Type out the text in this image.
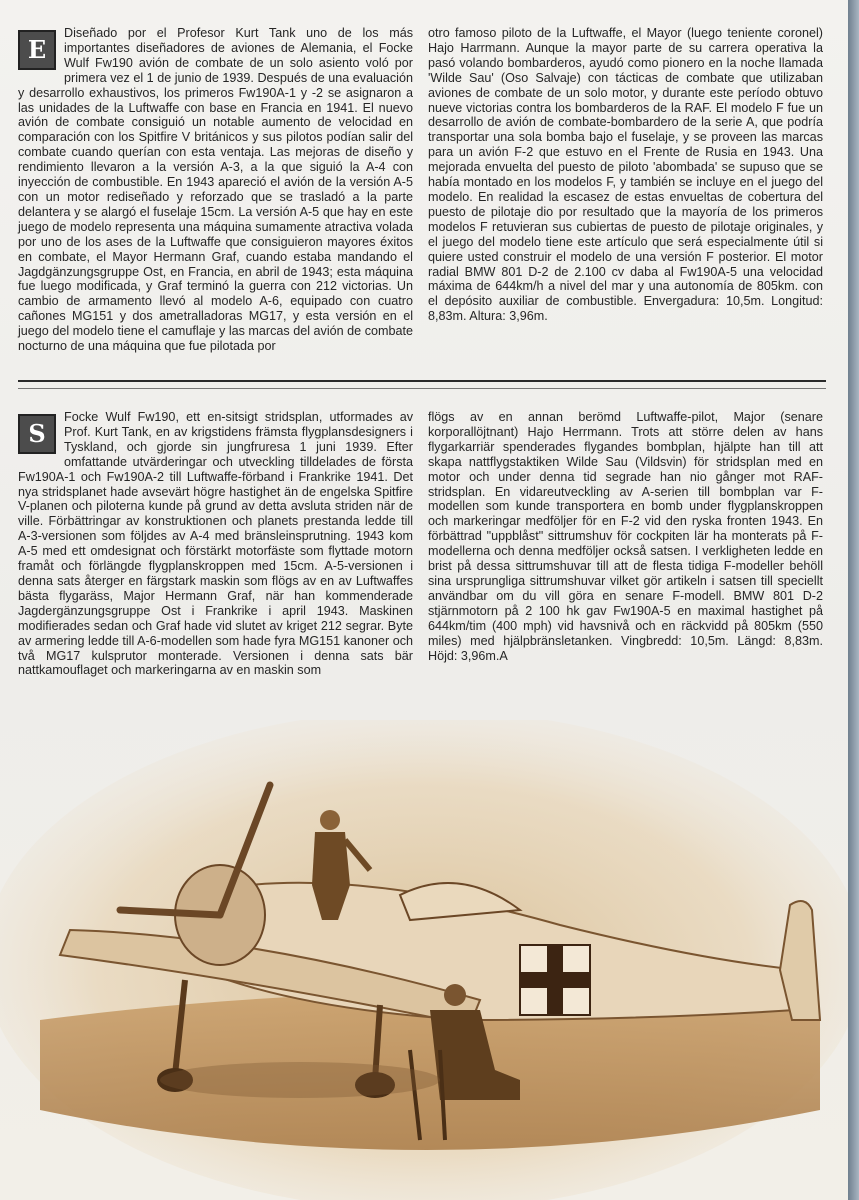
E
Diseñado por el Profesor Kurt Tank uno de los más importantes diseñadores de aviones de Alemania, el Focke Wulf Fw190 avión de combate de un solo asiento voló por primera vez el 1 de junio de 1939. Después de una evaluación y desarrollo exhaustivos, los primeros Fw190A-1 y -2 se asignaron a las unidades de la Luftwaffe con base en Francia en 1941. El nuevo avión de combate consiguió un notable aumento de velocidad en comparación con los Spitfire V británicos y sus pilotos podían salir del combate cuando querían con esta ventaja. Las mejoras de diseño y rendimiento llevaron a la versión A-3, a la que siguió la A-4 con inyección de combustible. En 1943 apareció el avión de la versión A-5 con un motor rediseñado y reforzado que se trasladó a la parte delantera y se alargó el fuselaje 15cm. La versión A-5 que hay en este juego de modelo representa una máquina sumamente atractiva volada por uno de los ases de la Luftwaffe que consiguieron mayores éxitos en combate, el Mayor Hermann Graf, cuando estaba mandando el Jagdgänzungsgruppe Ost, en Francia, en abril de 1943; esta máquina fue luego modificada, y Graf terminó la guerra con 212 victorias. Un cambio de armamento llevó al modelo A-6, equipado con cuatro cañones MG151 y dos ametralladoras MG17, y esta versión en el juego del modelo tiene el camuflaje y las marcas del avión de combate nocturno de una máquina que fue pilotada por
otro famoso piloto de la Luftwaffe, el Mayor (luego teniente coronel) Hajo Harrmann. Aunque la mayor parte de su carrera operativa la pasó volando bombarderos, ayudó como pionero en la noche llamada 'Wilde Sau' (Oso Salvaje) con tácticas de combate que utilizaban aviones de combate de un solo motor, y durante este período obtuvo nueve victorias contra los bombarderos de la RAF. El modelo F fue un desarrollo de avión de combate-bombardero de la serie A, que podría transportar una sola bomba bajo el fuselaje, y se proveen las marcas para un avión F-2 que estuvo en el Frente de Rusia en 1943. Una mejorada envuelta del puesto de piloto 'abombada' se supuso que se había montado en los modelos F, y también se incluye en el juego del modelo. En realidad la escasez de estas envueltas de cobertura del puesto de pilotaje dio por resultado que la mayoría de los primeros modelos F retuvieran sus cubiertas de puesto de pilotaje originales, y el juego del modelo tiene este artículo que será especialmente útil si quiere usted construir el modelo de una versión F posterior. El motor radial BMW 801 D-2 de 2.100 cv daba al Fw190A-5 una velocidad máxima de 644km/h a nivel del mar y una autonomía de 805km. con el depósito auxiliar de combustible. Envergadura: 10,5m. Longitud: 8,83m. Altura: 3,96m.
S
Focke Wulf Fw190, ett en-sitsigt stridsplan, utformades av Prof. Kurt Tank, en av krigstidens främsta flygplansdesigners i Tyskland, och gjorde sin jungfruresa 1 juni 1939. Efter omfattande utvärderingar och utveckling tilldelades de första Fw190A-1 och Fw190A-2 till Luftwaffe-förband i Frankrike 1941. Det nya stridsplanet hade avsevärt högre hastighet än de engelska Spitfire V-planen och piloterna kunde på grund av detta avsluta striden när de ville. Förbättringar av konstruktionen och planets prestanda ledde till A-3-versionen som följdes av A-4 med bränsleinsprutning. 1943 kom A-5 med ett omdesignat och förstärkt motorfäste som flyttade motorn framåt och förlängde flygplanskroppen med 15cm. A-5-versionen i denna sats återger en färgstark maskin som flögs av en av Luftwaffes bästa flygaräss, Major Hermann Graf, när han kommenderade Jagdergänzungsgruppe Ost i Frankrike i april 1943. Maskinen modifierades sedan och Graf hade vid slutet av kriget 212 segrar. Byte av armering ledde till A-6-modellen som hade fyra MG151 kanoner och två MG17 kulsprutor monterade. Versionen i denna sats bär nattkamouflaget och markeringarna av en maskin som
flögs av en annan berömd Luftwaffe-pilot, Major (senare korporallöjtnant) Hajo Herrmann. Trots att större delen av hans flygarkarriär spenderades flygandes bombplan, hjälpte han till att skapa nattflygstaktiken Wilde Sau (Vildsvin) för stridsplan med en motor och under denna tid segrade han nio gånger mot RAF-stridsplan. En vidareutveckling av A-serien till bombplan var F-modellen som kunde transportera en bomb under flygplanskroppen och markeringar medföljer för en F-2 vid den ryska fronten 1943. En förbättrad "uppblåst" sittrumshuv för cockpiten lär ha monterats på F-modellerna och denna medföljer också satsen. I verkligheten ledde en brist på dessa sittrumshuvar till att de flesta tidiga F-modeller behöll sina ursprungliga sittrumshuvar vilket gör artikeln i satsen till speciellt användbar om du vill göra en senare F-modell. BMW 801 D-2 stjärnmotorn på 2 100 hk gav Fw190A-5 en maximal hastighet på 644km/tim (400 mph) vid havsnivå och en räckvidd på 805km (550 miles) med hjälpbränsletanken. Vingbredd: 10,5m. Längd: 8,83m. Höjd: 3,96m.A
